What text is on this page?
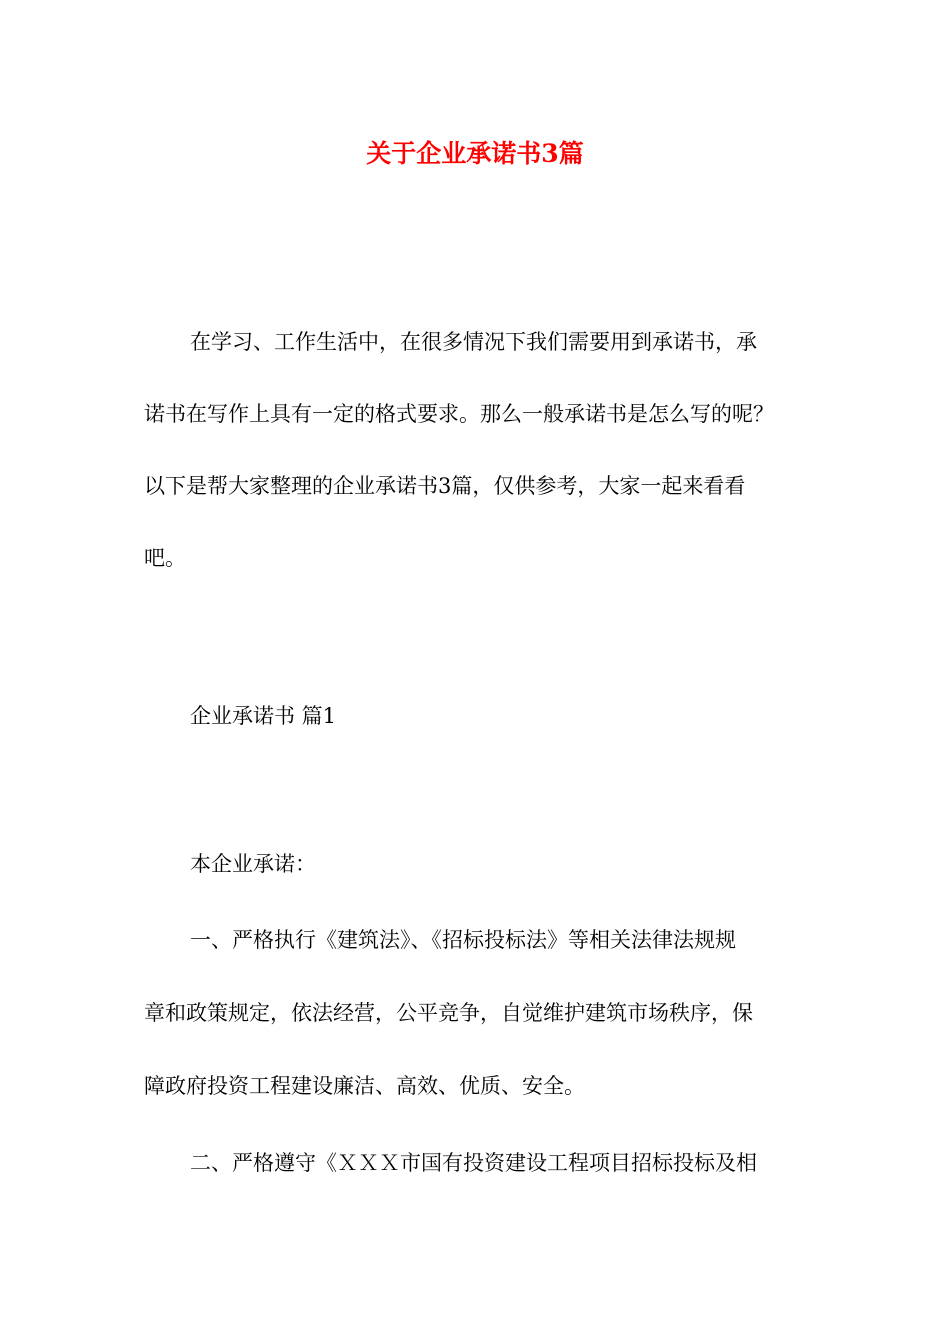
关于企业承诺书3篇
在学习、工作生活中，在很多情况下我们需要用到承诺书，承
诺书在写作上具有一定的格式要求。那么一般承诺书是怎么写的呢？
以下是帮大家整理的企业承诺书3篇，仅供参考，大家一起来看看
吧。
企业承诺书 篇1
本企业承诺：
一、严格执行《建筑法》、《招标投标法》等相关法律法规规
章和政策规定，依法经营，公平竞争，自觉维护建筑市场秩序，保
障政府投资工程建设廉洁、高效、优质、安全。
二、严格遵守《ＸＸＸ市国有投资建设工程项目招标投标及相
